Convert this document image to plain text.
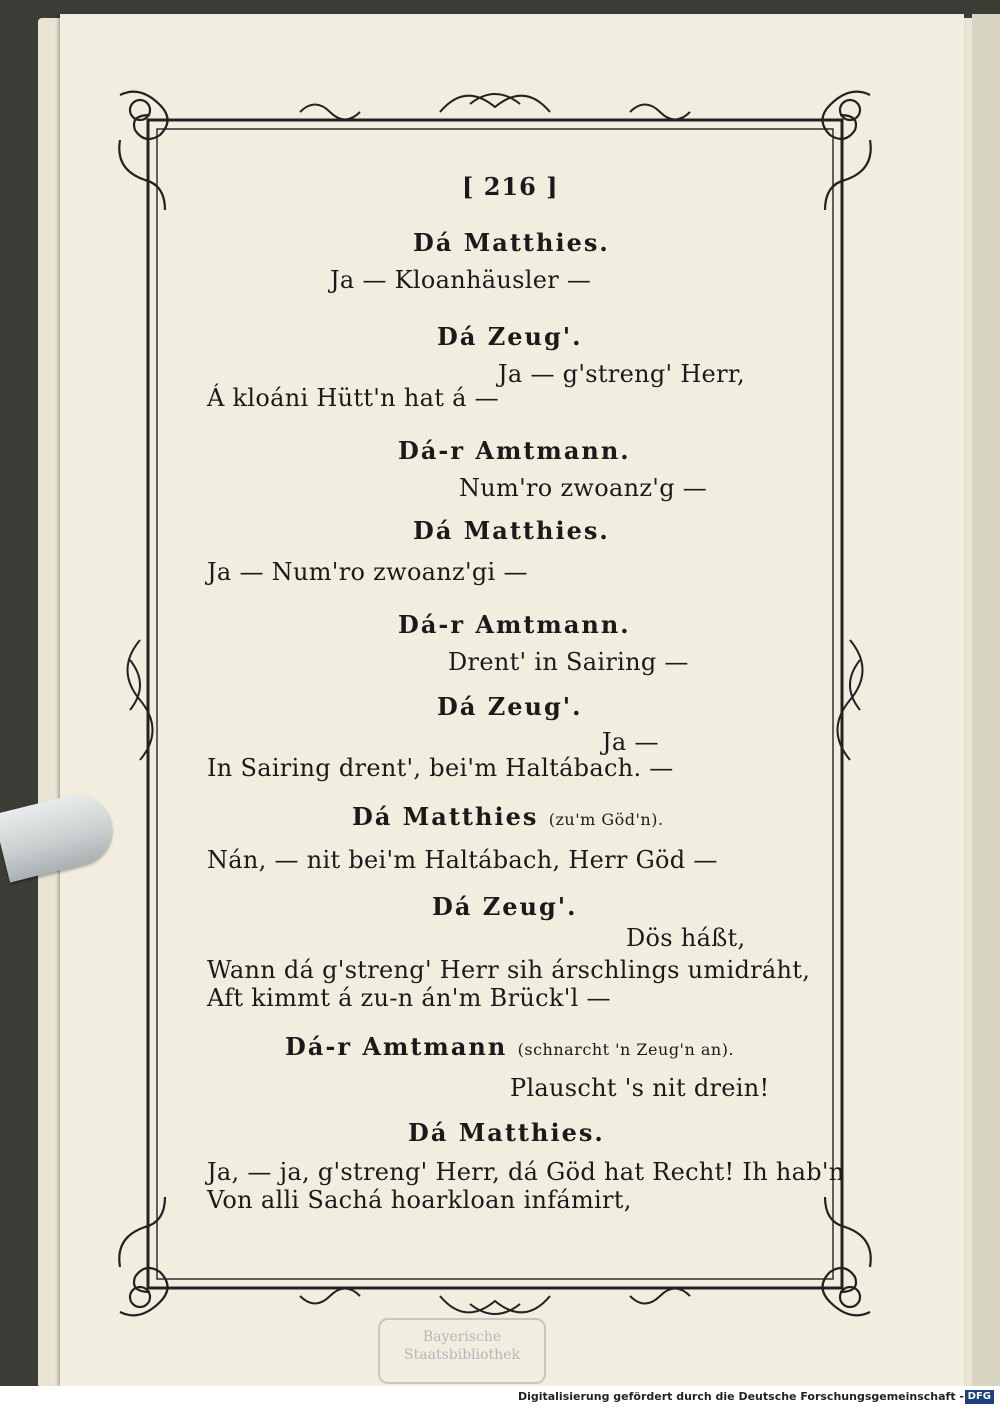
Bayerische
Staatsbibliothek
[ 216 ]
Dá Matthies.
Ja — Kloanhäusler —
Dá Zeug'.
Ja — g'streng' Herr,
Á kloáni Hütt'n hat á —
Dá-r Amtmann.
Num'ro zwoanz'g —
Dá Matthies.
Ja — Num'ro zwoanz'gi —
Dá-r Amtmann.
Drent' in Sairing —
Dá Zeug'.
Ja —
In Sairing drent', bei'm Haltábach. —
Dá Matthies (zu'm Göd'n).
Nán, — nit bei'm Haltábach, Herr Göd —
Dá Zeug'.
Dös háßt,
Wann dá g'streng' Herr sih árschlings umidráht,
Aft kimmt á zu-n án'm Brück'l —
Dá-r Amtmann (schnarcht 'n Zeug'n an).
Plauscht 's nit drein!
Dá Matthies.
Ja, — ja, g'streng' Herr, dá Göd hat Recht! Ih hab'n
Von alli Sachá hoarkloan infámirt,
Digitalisierung gefördert durch die Deutsche Forschungsgemeinschaft - DFG
